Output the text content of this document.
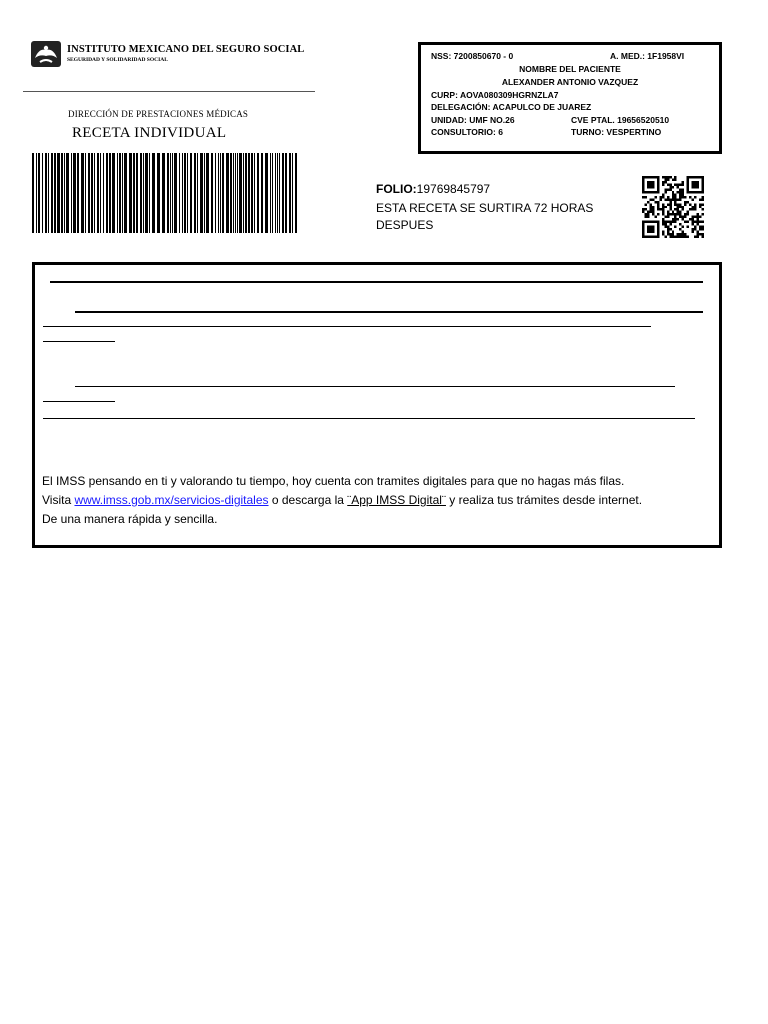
INSTITUTO MEXICANO DEL SEGURO SOCIAL
SEGURIDAD Y SOLIDARIDAD SOCIAL
DIRECCIÓN DE PRESTACIONES MÉDICAS
RECETA INDIVIDUAL
NSS: 7200850670 - 0	A. MED.: 1F1958VI
NOMBRE DEL PACIENTE
ALEXANDER ANTONIO VAZQUEZ
CURP: AOVA080309HGRNZLA7
DELEGACIÓN: ACAPULCO DE JUAREZ
UNIDAD: UMF NO.26	CVE PTAL. 19656520510
CONSULTORIO: 6	TURNO: VESPERTINO
FOLIO:19769845797
ESTA RECETA SE SURTIRA 72 HORAS DESPUES
El IMSS pensando en ti y valorando tu tiempo, hoy cuenta con tramites digitales para que no hagas más filas.
Visita www.imss.gob.mx/servicios-digitales o descarga la ¨App IMSS Digital¨ y realiza tus trámites desde internet.
De una manera rápida y sencilla.
